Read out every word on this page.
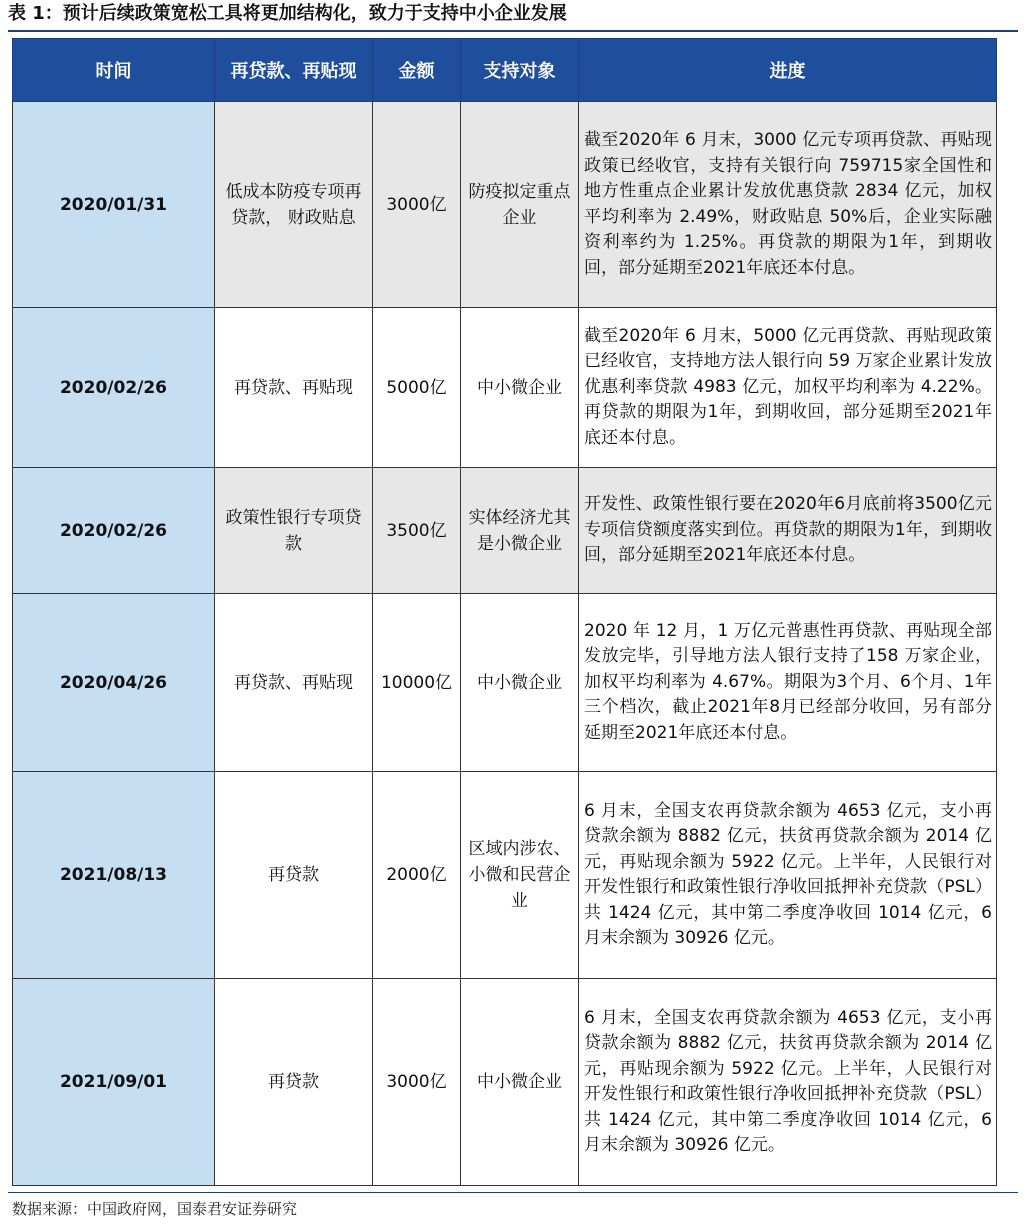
表 1：预计后续政策宽松工具将更加结构化，致力于支持中小企业发展
时间	再贷款、再贴现	金额	支持对象	进度
2020/01/31	低成本防疫专项再贷款， 财政贴息	3000亿	防疫拟定重点企业	截至2020年 6 月末，3000 亿元专项再贷款、再贴现政策已经收官，支持有关银行向 759715家全国性和地方性重点企业累计发放优惠贷款 2834 亿元，加权平均利率为 2.49%，财政贴息 50%后，企业实际融资利率约为 1.25%。再贷款的期限为1年，到期收回，部分延期至2021年底还本付息。
2020/02/26	再贷款、再贴现	5000亿	中小微企业	截至2020年 6 月末，5000 亿元再贷款、再贴现政策已经收官，支持地方法人银行向 59 万家企业累计发放优惠利率贷款 4983 亿元，加权平均利率为 4.22%。再贷款的期限为1年，到期收回，部分延期至2021年底还本付息。
2020/02/26	政策性银行专项贷款	3500亿	实体经济尤其是小微企业	开发性、政策性银行要在2020年6月底前将3500亿元专项信贷额度落实到位。再贷款的期限为1年，到期收回，部分延期至2021年底还本付息。
2020/04/26	再贷款、再贴现	10000亿	中小微企业	2020 年 12 月，1 万亿元普惠性再贷款、再贴现全部发放完毕，引导地方法人银行支持了158 万家企业，加权平均利率为 4.67%。期限为3个月、6个月、1年三个档次，截止2021年8月已经部分收回，另有部分延期至2021年底还本付息。
2021/08/13	再贷款	2000亿	区域内涉农、小微和民营企业	6 月末，全国支农再贷款余额为 4653 亿元，支小再贷款余额为 8882 亿元，扶贫再贷款余额为 2014 亿元，再贴现余额为 5922 亿元。上半年，人民银行对开发性银行和政策性银行净收回抵押补充贷款（PSL）共 1424 亿元，其中第二季度净收回 1014 亿元，6 月末余额为 30926 亿元。
2021/09/01	再贷款	3000亿	中小微企业	6 月末，全国支农再贷款余额为 4653 亿元，支小再贷款余额为 8882 亿元，扶贫再贷款余额为 2014 亿元，再贴现余额为 5922 亿元。上半年，人民银行对开发性银行和政策性银行净收回抵押补充贷款（PSL）共 1424 亿元，其中第二季度净收回 1014 亿元，6 月末余额为 30926 亿元。
数据来源：中国政府网，国泰君安证券研究
